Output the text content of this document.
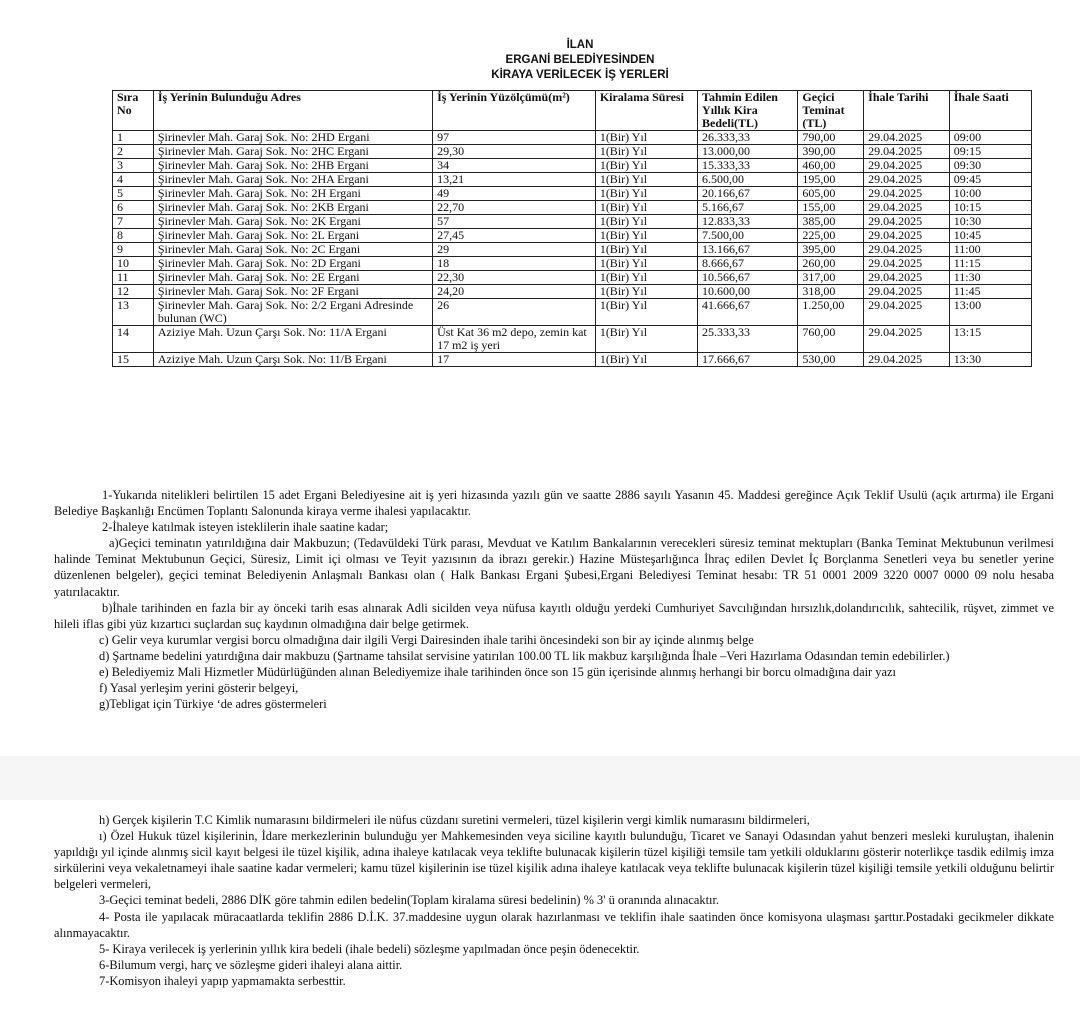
İLAN
ERGANİ BELEDİYESİNDEN
KİRAYA VERİLECEK İŞ YERLERİ
Sıra No	İş Yerinin Bulunduğu Adres	İş Yerinin Yüzölçümü(m²)	Kiralama Süresi	Tahmin Edilen Yıllık Kira Bedeli(TL)	Geçici Teminat (TL)	İhale Tarihi	İhale Saati
1	Şirinevler Mah. Garaj Sok. No: 2HD Ergani	97	1(Bir) Yıl	26.333,33	790,00	29.04.2025	09:00
2	Şirinevler Mah. Garaj Sok. No: 2HC Ergani	29,30	1(Bir) Yıl	13.000,00	390,00	29.04.2025	09:15
3	Şirinevler Mah. Garaj Sok. No: 2HB Ergani	34	1(Bir) Yıl	15.333,33	460,00	29.04.2025	09:30
4	Şirinevler Mah. Garaj Sok. No: 2HA Ergani	13,21	1(Bir) Yıl	6.500,00	195,00	29.04.2025	09:45
5	Şirinevler Mah. Garaj Sok. No: 2H Ergani	49	1(Bir) Yıl	20.166,67	605,00	29.04.2025	10:00
6	Şirinevler Mah. Garaj Sok. No: 2KB Ergani	22,70	1(Bir) Yıl	5.166,67	155,00	29.04.2025	10:15
7	Şirinevler Mah. Garaj Sok. No: 2K Ergani	57	1(Bir) Yıl	12.833,33	385,00	29.04.2025	10:30
8	Şirinevler Mah. Garaj Sok. No: 2L Ergani	27,45	1(Bir) Yıl	7.500,00	225,00	29.04.2025	10:45
9	Şirinevler Mah. Garaj Sok. No: 2C Ergani	29	1(Bir) Yıl	13.166,67	395,00	29.04.2025	11:00
10	Şirinevler Mah. Garaj Sok. No: 2D Ergani	18	1(Bir) Yıl	8.666,67	260,00	29.04.2025	11:15
11	Şirinevler Mah. Garaj Sok. No: 2E Ergani	22,30	1(Bir) Yıl	10.566,67	317,00	29.04.2025	11:30
12	Şirinevler Mah. Garaj Sok. No: 2F Ergani	24,20	1(Bir) Yıl	10.600,00	318,00	29.04.2025	11:45
13	Şirinevler Mah. Garaj Sok. No: 2/2 Ergani Adresinde bulunan (WC)	26	1(Bir) Yıl	41.666,67	1.250,00	29.04.2025	13:00
14	Aziziye Mah. Uzun Çarşı Sok. No: 11/A Ergani	Üst Kat 36 m2 depo, zemin kat 17 m2 iş yeri	1(Bir) Yıl	25.333,33	760,00	29.04.2025	13:15
15	Aziziye Mah. Uzun Çarşı Sok. No: 11/B Ergani	17	1(Bir) Yıl	17.666,67	530,00	29.04.2025	13:30

1-Yukarıda nitelikleri belirtilen 15 adet Ergani Belediyesine ait iş yeri hizasında yazılı gün ve saatte 2886 sayılı Yasanın 45. Maddesi gereğince Açık Teklif Usulü (açık artırma) ile Ergani Belediye Başkanlığı Encümen Toplantı Salonunda kiraya verme ihalesi yapılacaktır.

2-İhaleye katılmak isteyen isteklilerin ihale saatine kadar;

a)Geçici teminatın yatırıldığına dair Makbuzun; (Tedavüldeki Türk parası, Mevduat ve Katılım Bankalarının verecekleri süresiz teminat mektupları (Banka Teminat Mektubunun verilmesi halinde Teminat Mektubunun Geçici, Süresiz, Limit içi olması ve Teyit yazısının da ibrazı gerekir.) Hazine Müsteşarlığınca İhraç edilen Devlet İç Borçlanma Senetleri veya bu senetler yerine düzenlenen belgeler), geçici teminat Belediyenin Anlaşmalı Bankası olan ( Halk Bankası Ergani Şubesi,Ergani Belediyesi Teminat hesabı: TR 51 0001 2009 3220 0007 0000 09 nolu hesaba yatırılacaktır.

b)İhale tarihinden en fazla bir ay önceki tarih esas alınarak Adli sicilden veya nüfusa kayıtlı olduğu yerdeki Cumhuriyet Savcılığından hırsızlık,dolandırıcılık, sahtecilik, rüşvet, zimmet ve hileli iflas gibi yüz kızartıcı suçlardan suç kaydının olmadığına dair belge getirmek.

c) Gelir veya kurumlar vergisi borcu olmadığına dair ilgili Vergi Dairesinden ihale tarihi öncesindeki son bir ay içinde alınmış belge

d) Şartname bedelini yatırdığına dair makbuzu (Şartname tahsilat servisine yatırılan 100.00 TL lik makbuz karşılığında İhale –Veri Hazırlama Odasından temin edebilirler.)

e) Belediyemiz Mali Hizmetler Müdürlüğünden alınan Belediyemize ihale tarihinden önce son 15 gün içerisinde alınmış herhangi bir borcu olmadığına dair yazı

f) Yasal yerleşim yerini gösterir belgeyi,

g)Tebligat için Türkiye ‘de adres göstermeleri

h) Gerçek kişilerin T.C Kimlik numarasını bildirmeleri ile nüfus cüzdanı suretini vermeleri, tüzel kişilerin vergi kimlik numarasını bildirmeleri,

ı) Özel Hukuk tüzel kişilerinin, İdare merkezlerinin bulunduğu yer Mahkemesinden veya siciline kayıtlı bulunduğu, Ticaret ve Sanayi Odasından yahut benzeri mesleki kuruluştan, ihalenin yapıldığı yıl içinde alınmış sicil kayıt belgesi ile tüzel kişilik, adına ihaleye katılacak veya teklifte bulunacak kişilerin tüzel kişiliği temsile tam yetkili olduklarını gösterir noterlikçe tasdik edilmiş imza sirkülerini veya vekaletnameyi ihale saatine kadar vermeleri; kamu tüzel kişilerinin ise tüzel kişilik adına ihaleye katılacak veya teklifte bulunacak kişilerin tüzel kişiliği temsile yetkili olduğunu belirtir belgeleri vermeleri,

3-Geçici teminat bedeli, 2886 DİK göre tahmin edilen bedelin(Toplam kiralama süresi bedelinin) % 3' ü oranında alınacaktır.

4- Posta ile yapılacak müracaatlarda teklifin 2886 D.İ.K. 37.maddesine uygun olarak hazırlanması ve teklifin ihale saatinden önce komisyona ulaşması şarttır.Postadaki gecikmeler dikkate alınmayacaktır.

5- Kiraya verilecek iş yerlerinin yıllık kira bedeli (ihale bedeli) sözleşme yapılmadan önce peşin ödenecektir.

6-Bilumum vergi, harç ve sözleşme gideri ihaleyi alana aittir.

7-Komisyon ihaleyi yapıp yapmamakta serbesttir.
